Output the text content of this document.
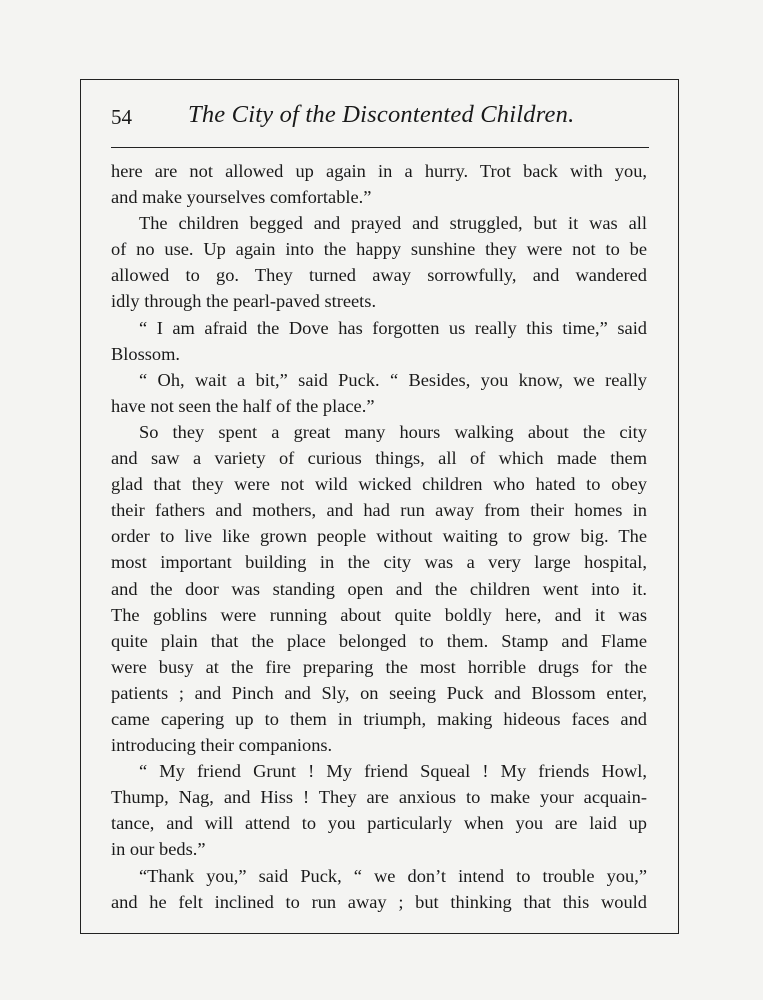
54 The City of the Discontented Children.
here are not allowed up again in a hurry. Trot back with you,
and make yourselves comfortable.”
The children begged and prayed and struggled, but it was all
of no use. Up again into the happy sunshine they were not to be
allowed to go. They turned away sorrowfully, and wandered
idly through the pearl-paved streets.
“ I am afraid the Dove has forgotten us really this time,” said
Blossom.
“ Oh, wait a bit,” said Puck. “ Besides, you know, we really
have not seen the half of the place.”
So they spent a great many hours walking about the city
and saw a variety of curious things, all of which made them
glad that they were not wild wicked children who hated to obey
their fathers and mothers, and had run away from their homes in
order to live like grown people without waiting to grow big. The
most important building in the city was a very large hospital,
and the door was standing open and the children went into it.
The goblins were running about quite boldly here, and it was
quite plain that the place belonged to them. Stamp and Flame
were busy at the fire preparing the most horrible drugs for the
patients ; and Pinch and Sly, on seeing Puck and Blossom enter,
came capering up to them in triumph, making hideous faces and
introducing their companions.
“ My friend Grunt ! My friend Squeal ! My friends Howl,
Thump, Nag, and Hiss ! They are anxious to make your acquain-
tance, and will attend to you particularly when you are laid up
in our beds.”
“Thank you,” said Puck, “ we don’t intend to trouble you,”
and he felt inclined to run away ; but thinking that this would
